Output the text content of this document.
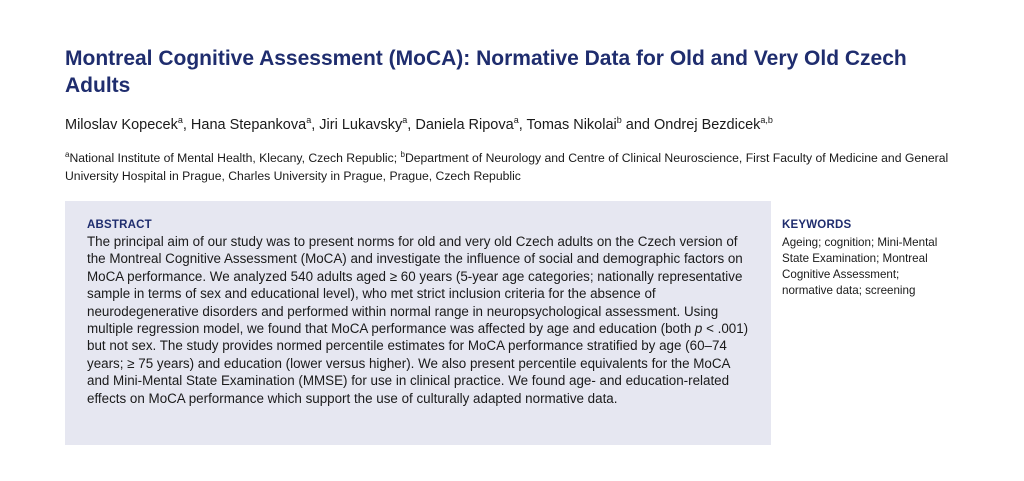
Montreal Cognitive Assessment (MoCA): Normative Data for Old and Very Old Czech Adults
Miloslav Kopecek$^a$, Hana Stepankova$^a$, Jiri Lukavsky$^a$, Daniela Ripova$^a$, Tomas Nikolai$^b$ and Ondrej Bezdicek$^{a,b}$
$^a$National Institute of Mental Health, Klecany, Czech Republic; $^b$Department of Neurology and Centre of Clinical Neuroscience, First Faculty of Medicine and General University Hospital in Prague, Charles University in Prague, Prague, Czech Republic
ABSTRACT
The principal aim of our study was to present norms for old and very old Czech adults on the Czech version of the Montreal Cognitive Assessment (MoCA) and investigate the influence of social and demographic factors on MoCA performance. We analyzed 540 adults aged ≥ 60 years (5-year age categories; nationally representative sample in terms of sex and educational level), who met strict inclusion criteria for the absence of neurodegenerative disorders and performed within normal range in neuropsychological assessment. Using multiple regression model, we found that MoCA performance was affected by age and education (both p < .001) but not sex. The study provides normed percentile estimates for MoCA performance stratified by age (60–74 years; ≥ 75 years) and education (lower versus higher). We also present percentile equivalents for the MoCA and Mini-Mental State Examination (MMSE) for use in clinical practice. We found age- and education-related effects on MoCA performance which support the use of culturally adapted normative data.
KEYWORDS
Ageing; cognition; Mini-Mental State Examination; Montreal Cognitive Assessment; normative data; screening
